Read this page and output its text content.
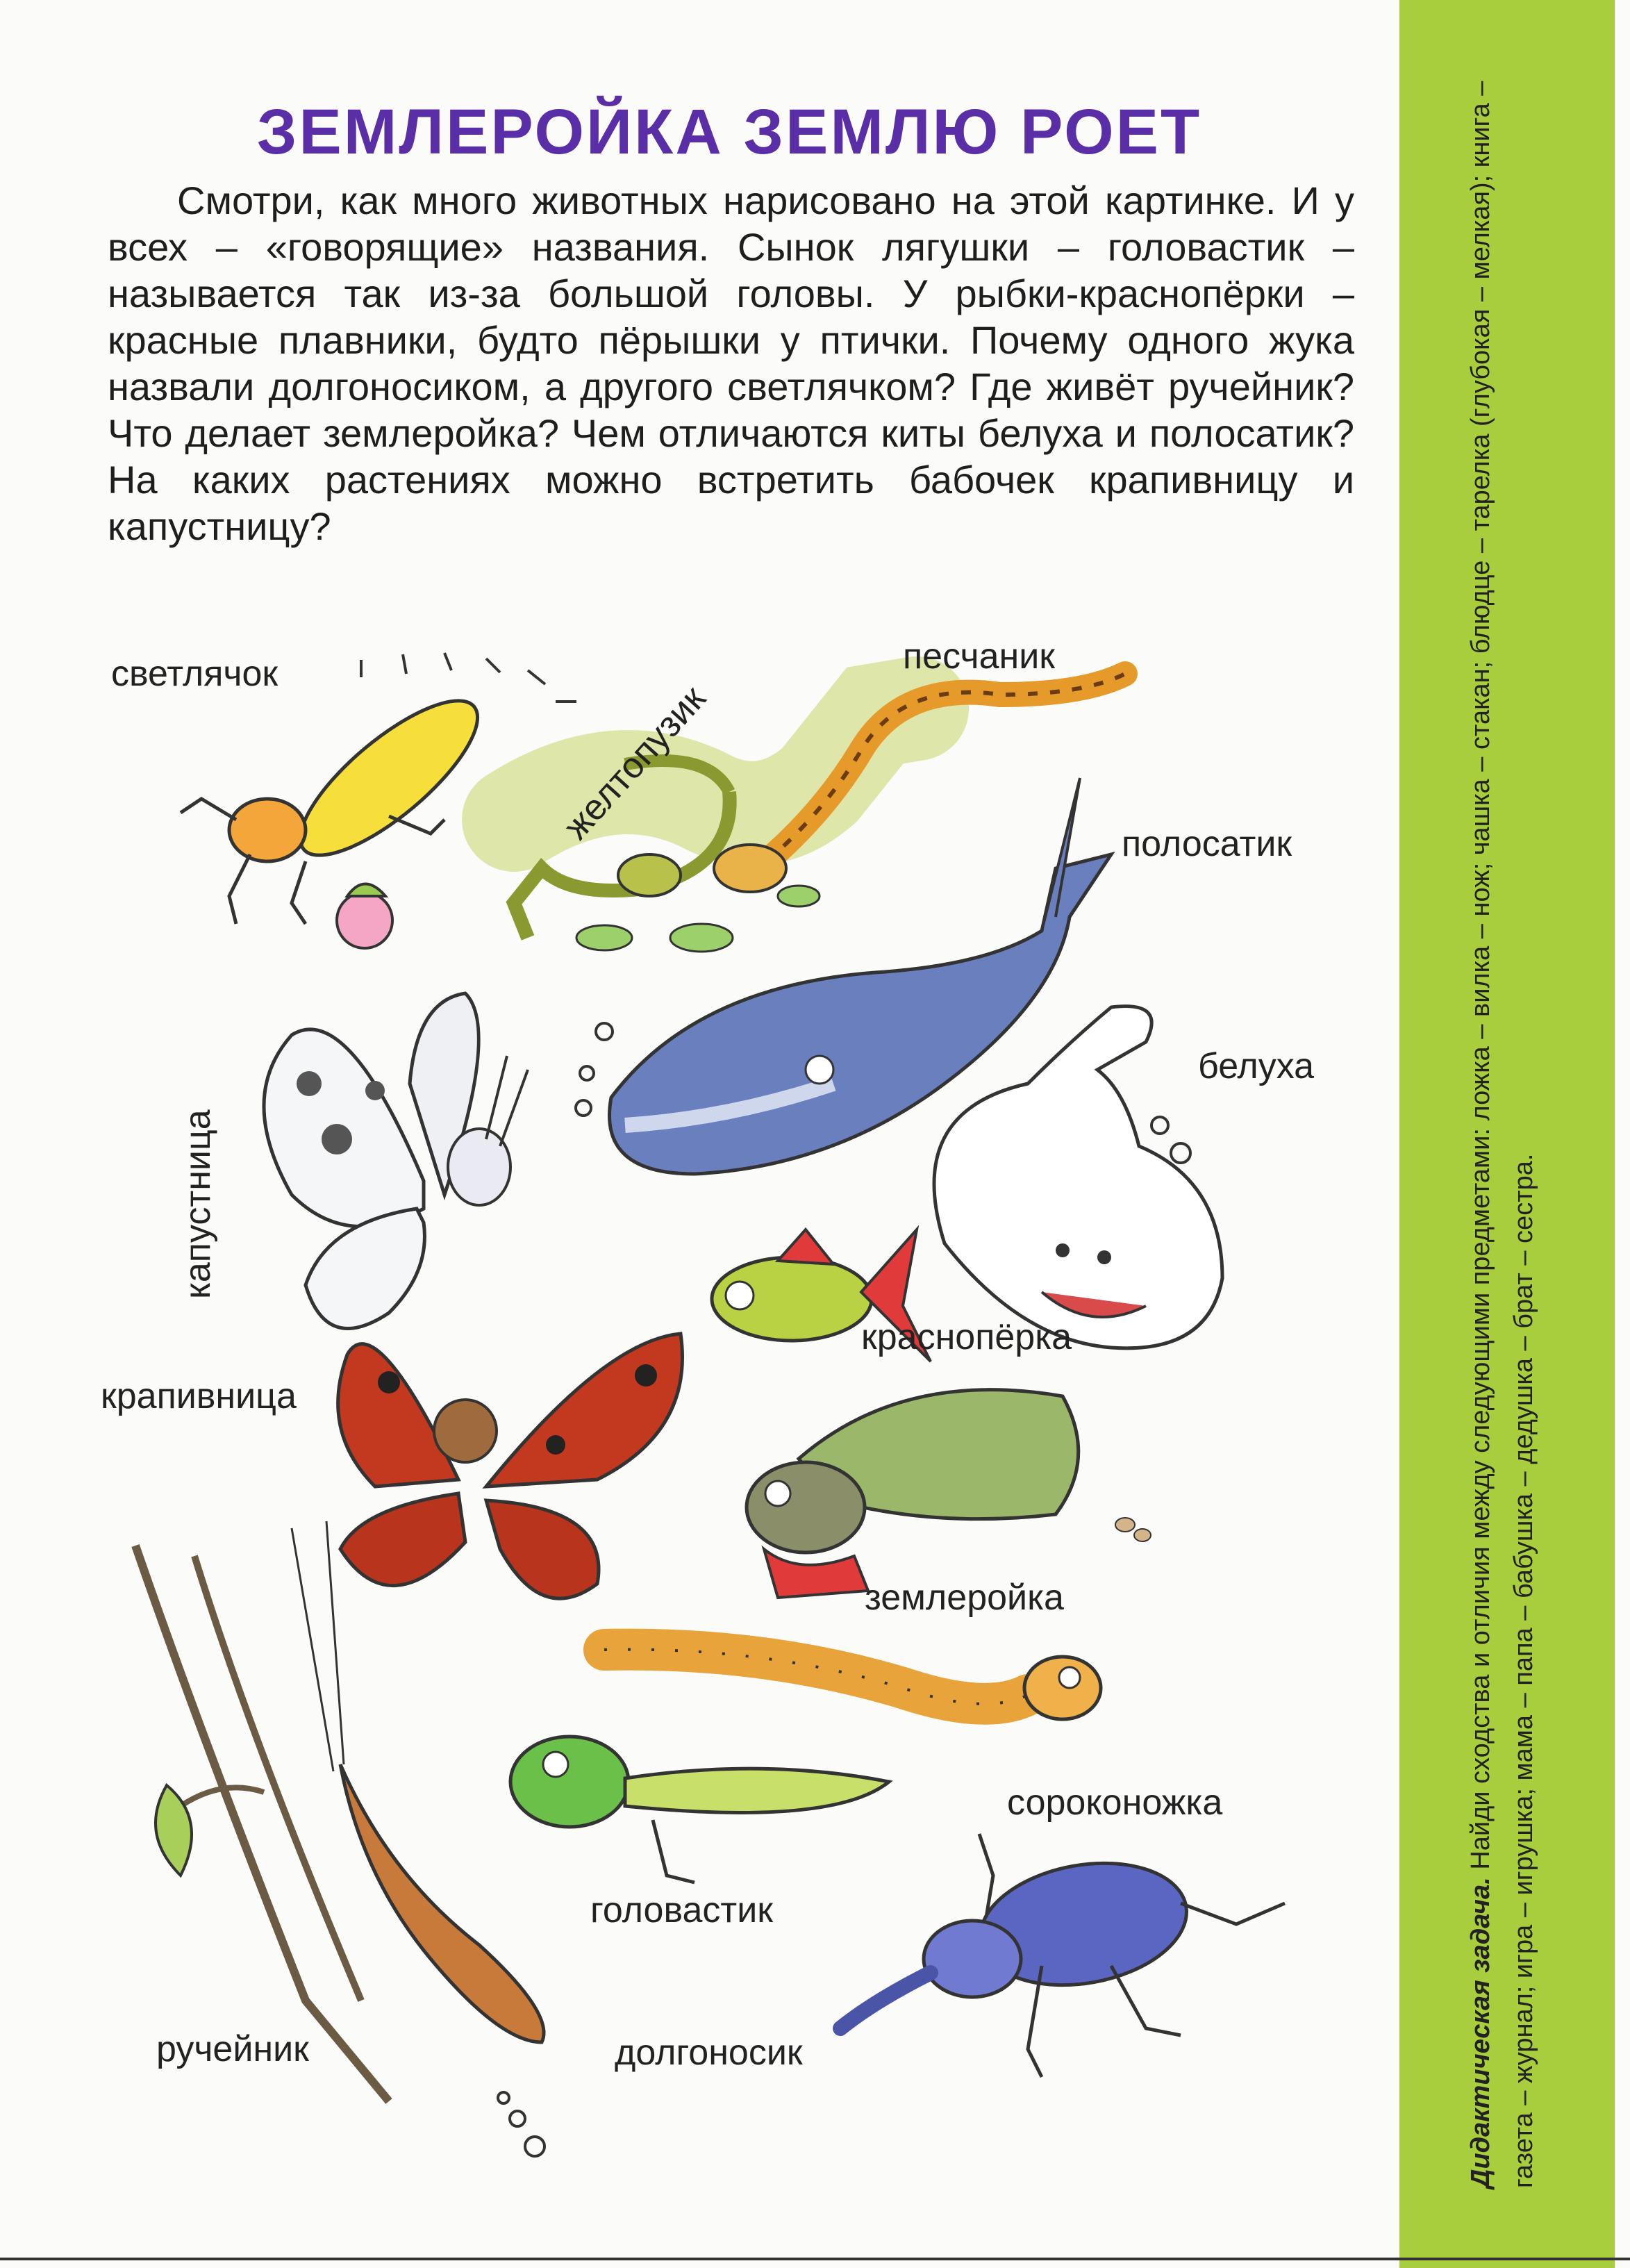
Дидактическая задача. Найди сходства и отличия между следующими предметами: ложка – вилка – нож; чашка – стакан; блюдце – тарелка (глубокая – мелкая); книга – газета – журнал; игра – игрушка; мама – папа – бабушка – дедушка – брат – сестра.
ЗЕМЛЕРОЙКА ЗЕМЛЮ РОЕТ
Смотри, как много животных нарисовано на этой картинке. И у всех – «говорящие» названия. Сынок лягушки – головастик – называется так из-за большой головы. У рыбки-краснопёрки – красные плавники, будто пёрышки у птички. Почему одного жука назвали долгоносиком, а другого светлячком? Где живёт ручейник? Что делает землеройка? Чем отличаются киты белуха и полосатик? На каких растениях можно встретить бабочек крапивницу и капустницу?
светлячок
желтопузик
песчаник
полосатик
капустница
белуха
краснопёрка
крапивница
землеройка
сороконожка
головастик
ручейник	долгоносик
